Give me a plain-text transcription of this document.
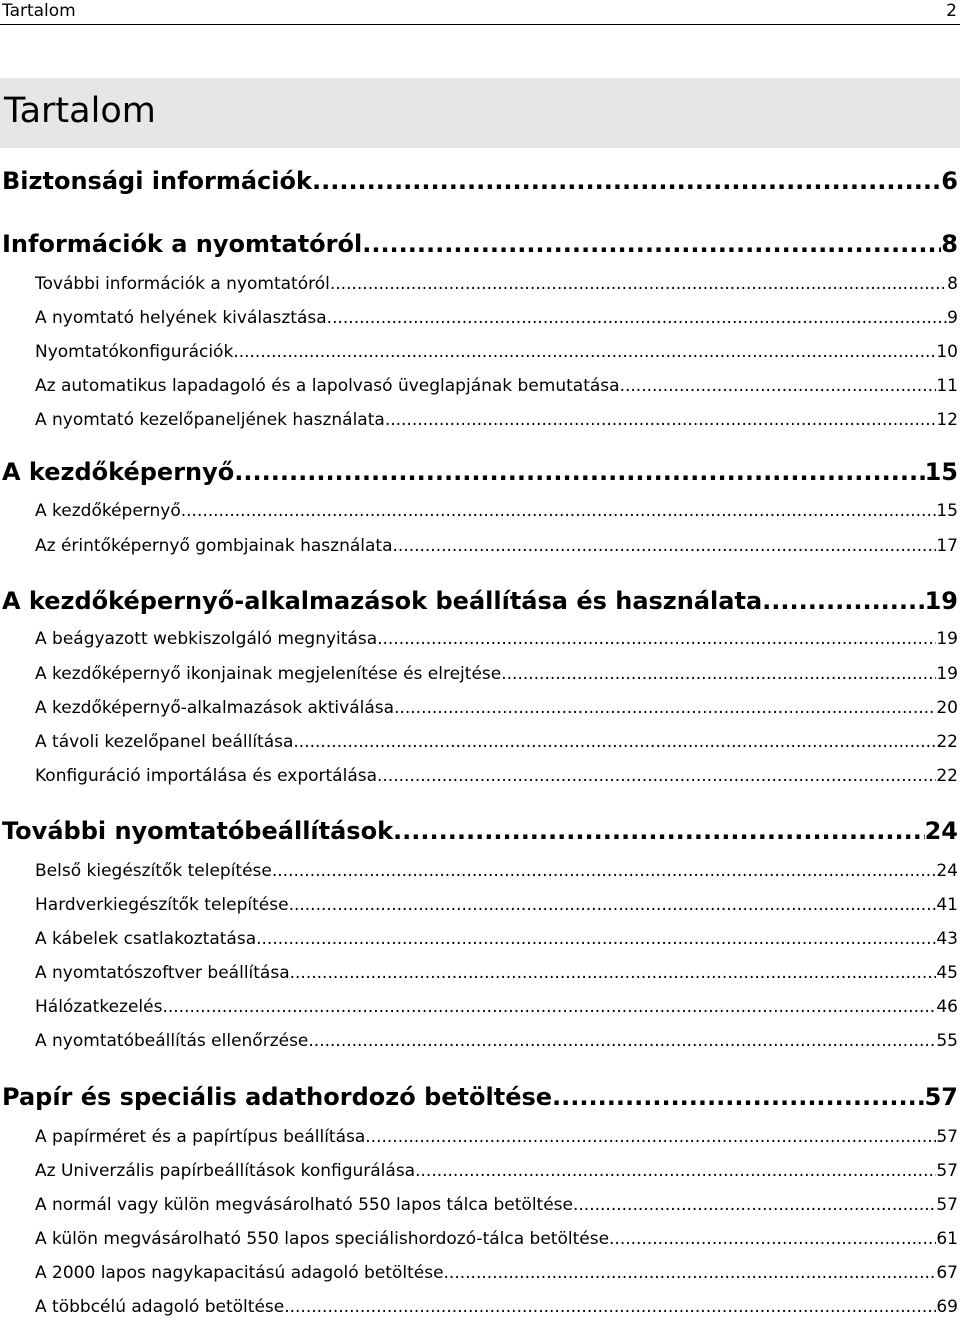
Tartalom	2
Tartalom
Biztonsági információk .....	6
Információk a nyomtatóról .....	8
További információk a nyomtatóról .....	8
A nyomtató helyének kiválasztása .....	9
Nyomtatókonfigurációk .....	10
Az automatikus lapadagoló és a lapolvasó üveglapjának bemutatása .....	11
A nyomtató kezelőpaneljének használata .....	12
A kezdőképernyő .....	15
A kezdőképernyő .....	15
Az érintőképernyő gombjainak használata .....	17
A kezdőképernyő-alkalmazások beállítása és használata .....	19
A beágyazott webkiszolgáló megnyitása .....	19
A kezdőképernyő ikonjainak megjelenítése és elrejtése .....	19
A kezdőképernyő-alkalmazások aktiválása .....	20
A távoli kezelőpanel beállítása .....	22
Konfiguráció importálása és exportálása .....	22
További nyomtatóbeállítások .....	24
Belső kiegészítők telepítése .....	24
Hardverkiegészítők telepítése .....	41
A kábelek csatlakoztatása .....	43
A nyomtatószoftver beállítása .....	45
Hálózatkezelés .....	46
A nyomtatóbeállítás ellenőrzése .....	55
Papír és speciális adathordozó betöltése .....	57
A papírméret és a papírtípus beállítása .....	57
Az Univerzális papírbeállítások konfigurálása .....	57
A normál vagy külön megvásárolható 550 lapos tálca betöltése .....	57
A külön megvásárolható 550 lapos speciálishordozó-tálca betöltése .....	61
A 2000 lapos nagykapacitású adagoló betöltése .....	67
A többcélú adagoló betöltése .....	69
